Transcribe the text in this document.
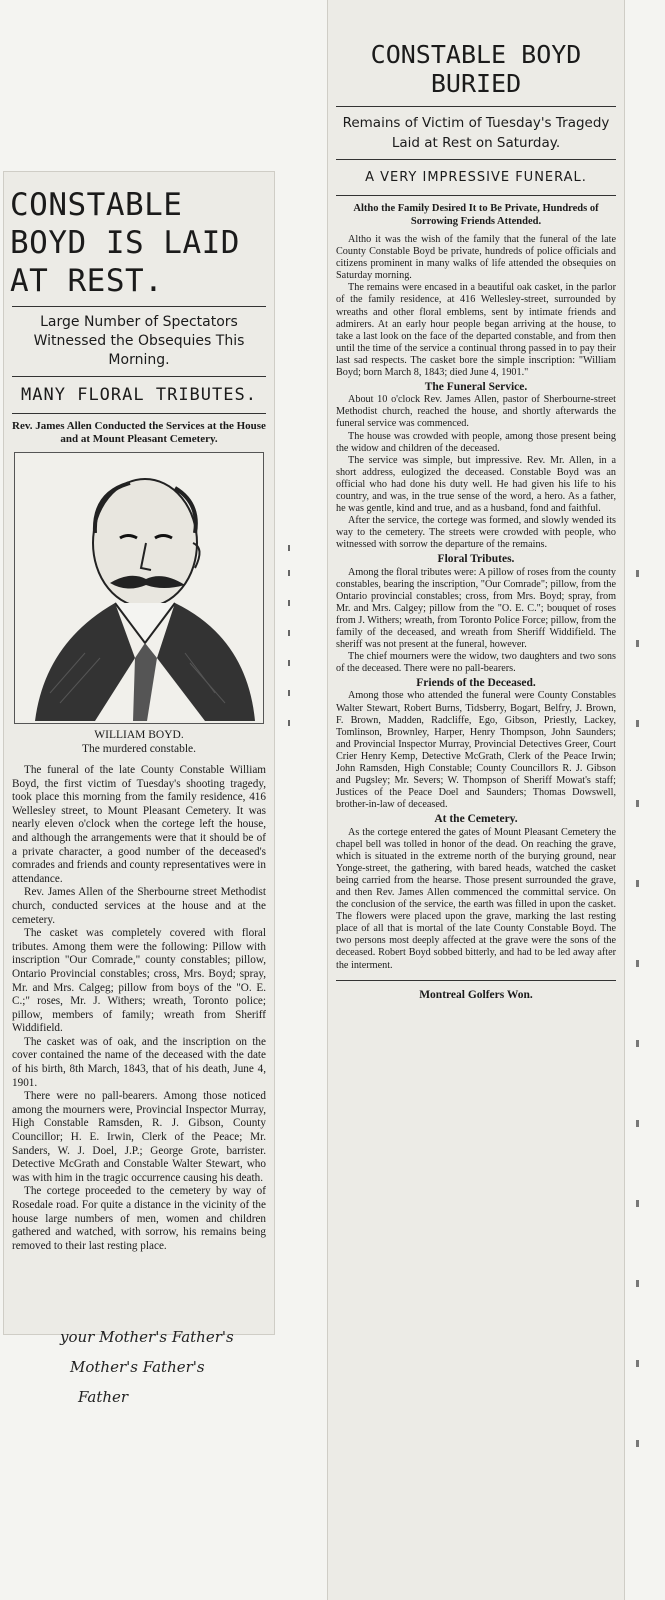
CONSTABLE BOYD IS LAID AT REST.
Large Number of Spectators Witnessed the Obsequies This Morning.
MANY FLORAL TRIBUTES.
Rev. James Allen Conducted the Services at the House and at Mount Pleasant Cemetery.
WILLIAM BOYD.
The murdered constable.

The funeral of the late County Constable William Boyd, the first victim of Tuesday's shooting tragedy, took place this morning from the family residence, 416 Wellesley street, to Mount Pleasant Cemetery. It was nearly eleven o'clock when the cortege left the house, and although the arrangements were that it should be of a private character, a good number of the deceased's comrades and friends and county representatives were in attendance.

Rev. James Allen of the Sherbourne street Methodist church, conducted services at the house and at the cemetery.

The casket was completely covered with floral tributes. Among them were the following: Pillow with inscription "Our Comrade," county constables; pillow, Ontario Provincial constables; cross, Mrs. Boyd; spray, Mr. and Mrs. Calgeg; pillow from boys of the "O. E. C.;" roses, Mr. J. Withers; wreath, Toronto police; pillow, members of family; wreath from Sheriff Widdifield.

The casket was of oak, and the inscription on the cover contained the name of the deceased with the date of his birth, 8th March, 1843, that of his death, June 4, 1901.

There were no pall-bearers. Among those noticed among the mourners were, Provincial Inspector Murray, High Constable Ramsden, R. J. Gibson, County Councillor; H. E. Irwin, Clerk of the Peace; Mr. Sanders, W. J. Doel, J.P.; George Grote, barrister. Detective McGrath and Constable Walter Stewart, who was with him in the tragic occurrence causing his death.

The cortege proceeded to the cemetery by way of Rosedale road. For quite a distance in the vicinity of the house large numbers of men, women and children gathered and watched, with sorrow, his remains being removed to their last resting place.

your Mother's Father's
Mother's Father's
Father
CONSTABLE BOYD BURIED
Remains of Victim of Tuesday's Tragedy Laid at Rest on Saturday.
A VERY IMPRESSIVE FUNERAL.
Altho the Family Desired It to Be Private, Hundreds of Sorrowing Friends Attended.

Altho it was the wish of the family that the funeral of the late County Constable Boyd be private, hundreds of police officials and citizens prominent in many walks of life attended the obsequies on Saturday morning.

The remains were encased in a beautiful oak casket, in the parlor of the family residence, at 416 Wellesley-street, surrounded by wreaths and other floral emblems, sent by intimate friends and admirers. At an early hour people began arriving at the house, to take a last look on the face of the departed constable, and from then until the time of the service a continual throng passed in to pay their last sad respects. The casket bore the simple inscription: "William Boyd; born March 8, 1843; died June 4, 1901."

The Funeral Service.

About 10 o'clock Rev. James Allen, pastor of Sherbourne-street Methodist church, reached the house, and shortly afterwards the funeral service was commenced.

The house was crowded with people, among those present being the widow and children of the deceased.

The service was simple, but impressive. Rev. Mr. Allen, in a short address, eulogized the deceased. Constable Boyd was an official who had done his duty well. He had given his life to his country, and was, in the true sense of the word, a hero. As a father, he was gentle, kind and true, and as a husband, fond and faithful.

After the service, the cortege was formed, and slowly wended its way to the cemetery. The streets were crowded with people, who witnessed with sorrow the departure of the remains.

Floral Tributes.

Among the floral tributes were: A pillow of roses from the county constables, bearing the inscription, "Our Comrade"; pillow, from the Ontario provincial constables; cross, from Mrs. Boyd; spray, from Mr. and Mrs. Calgey; pillow from the "O. E. C."; bouquet of roses from J. Withers; wreath, from Toronto Police Force; pillow, from the family of the deceased, and wreath from Sheriff Widdifield. The sheriff was not present at the funeral, however.

The chief mourners were the widow, two daughters and two sons of the deceased. There were no pall-bearers.

Friends of the Deceased.

Among those who attended the funeral were County Constables Walter Stewart, Robert Burns, Tidsberry, Bogart, Belfry, J. Brown, F. Brown, Madden, Radcliffe, Ego, Gibson, Priestly, Lackey, Tomlinson, Brownley, Harper, Henry Thompson, John Saunders; and Provincial Inspector Murray, Provincial Detectives Greer, Court Crier Henry Kemp, Detective McGrath, Clerk of the Peace Irwin; John Ramsden, High Constable; County Councillors R. J. Gibson and Pugsley; Mr. Severs; W. Thompson of Sheriff Mowat's staff; Justices of the Peace Doel and Saunders; Thomas Dowswell, brother-in-law of deceased.

At the Cemetery.

As the cortege entered the gates of Mount Pleasant Cemetery the chapel bell was tolled in honor of the dead. On reaching the grave, which is situated in the extreme north of the burying ground, near Yonge-street, the gathering, with bared heads, watched the casket being carried from the hearse. Those present surrounded the grave, and then Rev. James Allen commenced the committal service. On the conclusion of the service, the earth was filled in upon the casket. The flowers were placed upon the grave, marking the last resting place of all that is mortal of the late County Constable Boyd. The two persons most deeply affected at the grave were the sons of the deceased. Robert Boyd sobbed bitterly, and had to be led away after the interment.

Montreal Golfers Won.
